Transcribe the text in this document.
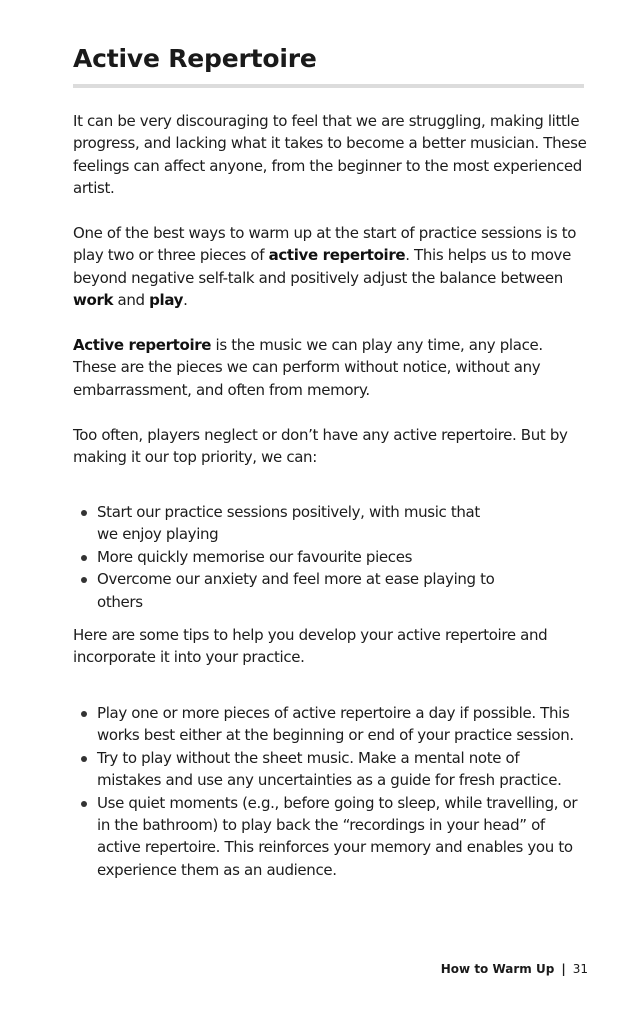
Active Repertoire

It can be very discouraging to feel that we are struggling, making little progress, and lacking what it takes to become a better musician. These feelings can affect anyone, from the beginner to the most experienced artist.

One of the best ways to warm up at the start of practice sessions is to play two or three pieces of active repertoire. This helps us to move beyond negative self-talk and positively adjust the balance between work and play.

Active repertoire is the music we can play any time, any place. These are the pieces we can perform without notice, without any embarrassment, and often from memory.

Too often, players neglect or don’t have any active repertoire. But by making it our top priority, we can:

Start our practice sessions positively, with music that we enjoy playing
More quickly memorise our favourite pieces
Overcome our anxiety and feel more at ease playing to others

Here are some tips to help you develop your active repertoire and incorporate it into your practice.

Play one or more pieces of active repertoire a day if possible. This works best either at the beginning or end of your practice session.
Try to play without the sheet music. Make a mental note of mistakes and use any uncertainties as a guide for fresh practice.
Use quiet moments (e.g., before going to sleep, while travelling, or in the bathroom) to play back the “recordings in your head” of active repertoire. This reinforces your memory and enables you to experience them as an audience.
How to Warm Up | 31
